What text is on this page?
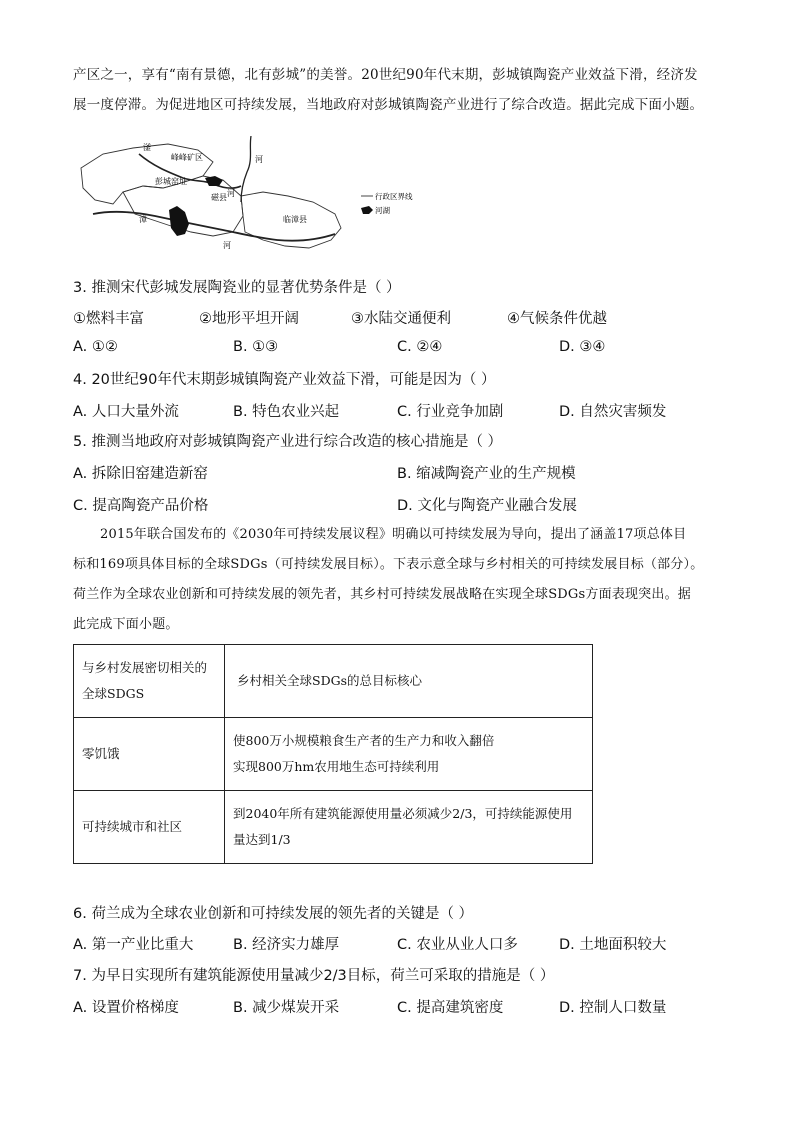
产区之一，享有“南有景德，北有彭城”的美誉。20世纪90年代末期，彭城镇陶瓷产业效益下滑，经济发
展一度停滞。为促进地区可持续发展，当地政府对彭城镇陶瓷产业进行了综合改造。据此完成下面小题。
峰峰矿区
彭城窑址
磁县
临漳县
滏
河
河
漳
河
行政区界线
河湖
3. 推测宋代彭城发展陶瓷业的显著优势条件是（ ）
①燃料丰富	②地形平坦开阔	③水陆交通便利	④气候条件优越
A. ①②	B. ①③	C. ②④	D. ③④
4. 20世纪90年代末期彭城镇陶瓷产业效益下滑，可能是因为（ ）
A. 人口大量外流	B. 特色农业兴起	C. 行业竞争加剧	D. 自然灾害频发
5. 推测当地政府对彭城镇陶瓷产业进行综合改造的核心措施是（ ）
A. 拆除旧窑建造新窑	B. 缩减陶瓷产业的生产规模
C. 提高陶瓷产品价格	D. 文化与陶瓷产业融合发展
2015年联合国发布的《2030年可持续发展议程》明确以可持续发展为导向，提出了涵盖17项总体目
标和169项具体目标的全球SDGs（可持续发展目标）。下表示意全球与乡村相关的可持续发展目标（部分）。
荷兰作为全球农业创新和可持续发展的领先者，其乡村可持续发展战略在实现全球SDGs方面表现突出。据
此完成下面小题。
与乡村发展密切相关的全球SDGS	乡村相关全球SDGs的总目标核心
零饥饿	使800万小规模粮食生产者的生产力和收入翻倍
实现800万hm农用地生态可持续利用

可持续城市和社区	到2040年所有建筑能源使用量必须减少2/3，可持续能源使用量达到1/3
6. 荷兰成为全球农业创新和可持续发展的领先者的关键是（ ）
A. 第一产业比重大	B. 经济实力雄厚	C. 农业从业人口多	D. 土地面积较大
7. 为早日实现所有建筑能源使用量减少2/3目标，荷兰可采取的措施是（ ）
A. 设置价格梯度	B. 减少煤炭开采	C. 提高建筑密度	D. 控制人口数量
